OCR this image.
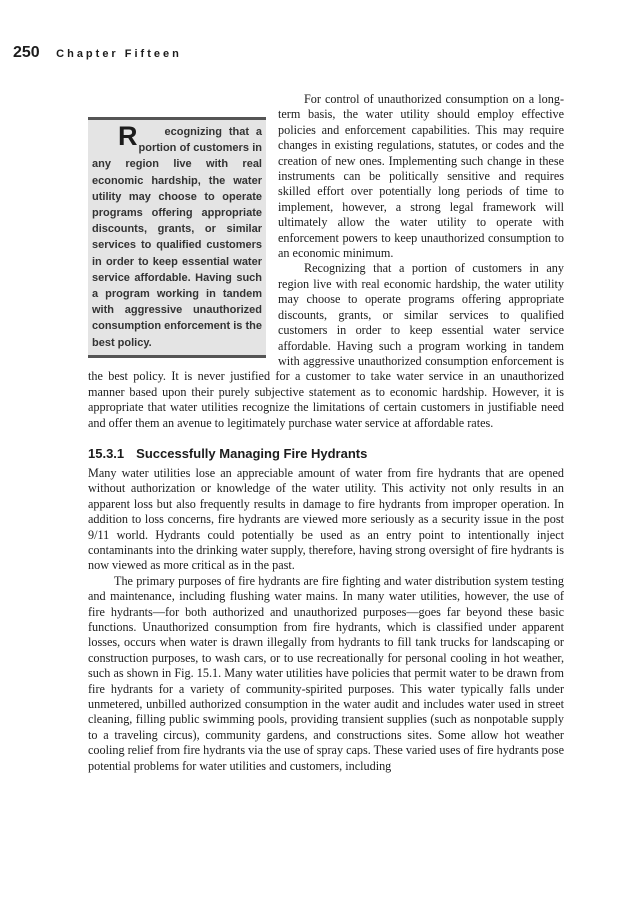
250 Chapter Fifteen

R ecognizing that a portion of customers in any region live with real economic hardship, the water utility may choose to operate programs offering appropriate discounts, grants, or similar services to qualified customers in order to keep essential water service affordable. Having such a program working in tandem with aggressive unauthorized consumption enforcement is the best policy.
For control of unauthorized consumption on a long-term basis, the water utility should employ effective policies and enforcement capabilities. This may require changes in existing regulations, statutes, or codes and the creation of new ones. Implementing such change in these instruments can be politically sensitive and requires skilled effort over potentially long periods of time to implement, however, a strong legal framework will ultimately allow the water utility to operate with enforcement powers to keep unauthorized consumption to an economic minimum.

Recognizing that a portion of customers in any region live with real economic hardship, the water utility may choose to operate programs offering appropriate discounts, grants, or similar services to qualified customers in order to keep essential water service affordable. Having such a program working in tandem with aggressive unauthorized consumption enforcement is the best policy. It is never justified for a customer to take water service in an unauthorized manner based upon their purely subjective statement as to economic hardship. However, it is appropriate that water utilities recognize the limitations of certain customers in justifiable need and offer them an avenue to legitimately purchase water service at affordable rates.

15.3.1 Successfully Managing Fire Hydrants

Many water utilities lose an appreciable amount of water from fire hydrants that are opened without authorization or knowledge of the water utility. This activity not only results in an apparent loss but also frequently results in damage to fire hydrants from improper operation. In addition to loss concerns, fire hydrants are viewed more seriously as a security issue in the post 9/11 world. Hydrants could potentially be used as an entry point to intentionally inject contaminants into the drinking water supply, therefore, having strong oversight of fire hydrants is now viewed as more critical as in the past.

The primary purposes of fire hydrants are fire fighting and water distribution system testing and maintenance, including flushing water mains. In many water utilities, however, the use of fire hydrants—for both authorized and unauthorized purposes—goes far beyond these basic functions. Unauthorized consumption from fire hydrants, which is classified under apparent losses, occurs when water is drawn illegally from hydrants to fill tank trucks for landscaping or construction purposes, to wash cars, or to use recreationally for personal cooling in hot weather, such as shown in Fig. 15.1. Many water utilities have policies that permit water to be drawn from fire hydrants for a variety of community-spirited purposes. This water typically falls under unmetered, unbilled authorized consumption in the water audit and includes water used in street cleaning, filling public swimming pools, providing transient supplies (such as nonpotable supply to a traveling circus), community gardens, and constructions sites. Some allow hot weather cooling relief from fire hydrants via the use of spray caps. These varied uses of fire hydrants pose potential problems for water utilities and customers, including
